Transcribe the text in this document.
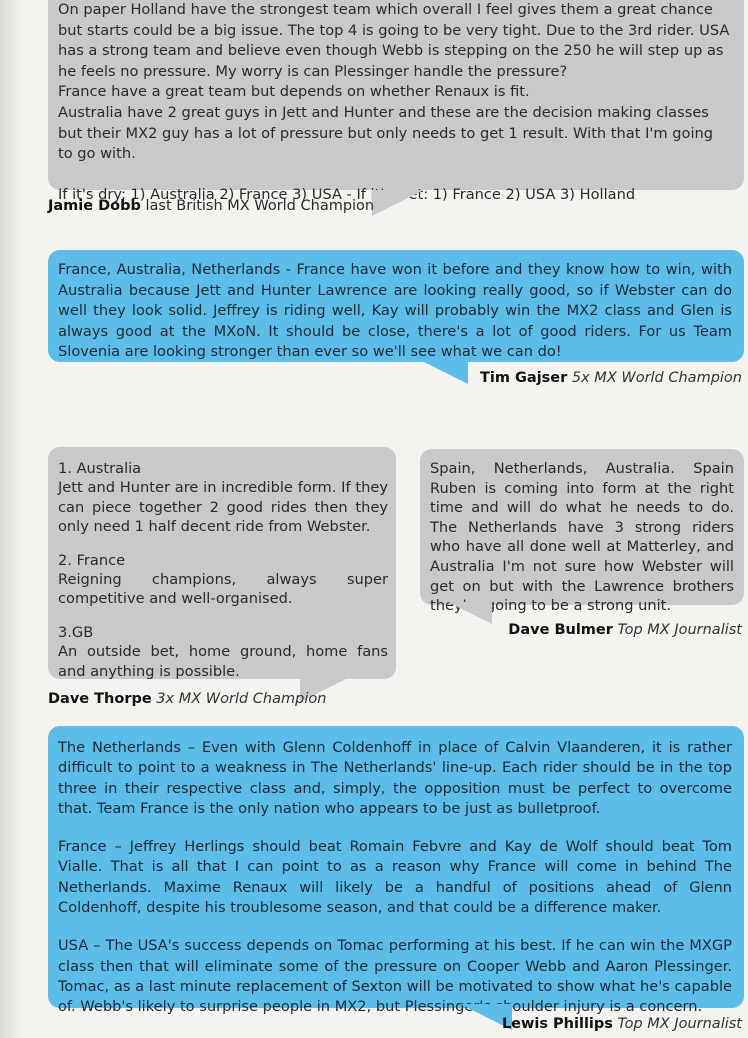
On paper Holland have the strongest team which overall I feel gives them a great chance but starts could be a big issue. The top 4 is going to be very tight. Due to the 3rd rider. USA has a strong team and believe even though Webb is stepping on the 250 he will step up as he feels no pressure. My worry is can Plessinger handle the pressure?
France have a great team but depends on whether Renaux is fit.
Australia have 2 great guys in Jett and Hunter and these are the decision making classes but their MX2 guy has a lot of pressure but only needs to get 1 result. With that I'm going to go with.

If it's dry: 1) Australia 2) France 3) USA - If it's wet: 1) France 2) USA 3) Holland

Jamie Dobb last British MX World Champion

France, Australia, Netherlands - France have won it before and they know how to win, with Australia because Jett and Hunter Lawrence are looking really good, so if Webster can do well they look solid. Jeffrey is riding well, Kay will probably win the MX2 class and Glen is always good at the MXoN. It should be close, there's a lot of good riders. For us Team Slovenia are looking stronger than ever so we'll see what we can do!

Tim Gajser 5x MX World Champion

1. Australia
Jett and Hunter are in incredible form. If they can piece together 2 good rides then they only need 1 half decent ride from Webster.

2. France
Reigning champions, always super competitive and well-organised.

3.GB
An outside bet, home ground, home fans and anything is possible.

Dave Thorpe 3x MX World Champion

Spain, Netherlands, Australia. Spain Ruben is coming into form at the right time and will do what he needs to do. The Netherlands have 3 strong riders who have all done well at Matterley, and Australia I'm not sure how Webster will get on but with the Lawrence brothers they're going to be a strong unit.

Dave Bulmer Top MX Journalist

The Netherlands – Even with Glenn Coldenhoff in place of Calvin Vlaanderen, it is rather difficult to point to a weakness in The Netherlands' line-up. Each rider should be in the top three in their respective class and, simply, the opposition must be perfect to overcome that. Team France is the only nation who appears to be just as bulletproof.

France – Jeffrey Herlings should beat Romain Febvre and Kay de Wolf should beat Tom Vialle. That is all that I can point to as a reason why France will come in behind The Netherlands. Maxime Renaux will likely be a handful of positions ahead of Glenn Coldenhoff, despite his troublesome season, and that could be a difference maker.

USA – The USA's success depends on Tomac performing at his best. If he can win the MXGP class then that will eliminate some of the pressure on Cooper Webb and Aaron Plessinger. Tomac, as a last minute replacement of Sexton will be motivated to show what he's capable of. Webb's likely to surprise people in MX2, but Plessinger's shoulder injury is a concern.

Lewis Phillips Top MX Journalist
